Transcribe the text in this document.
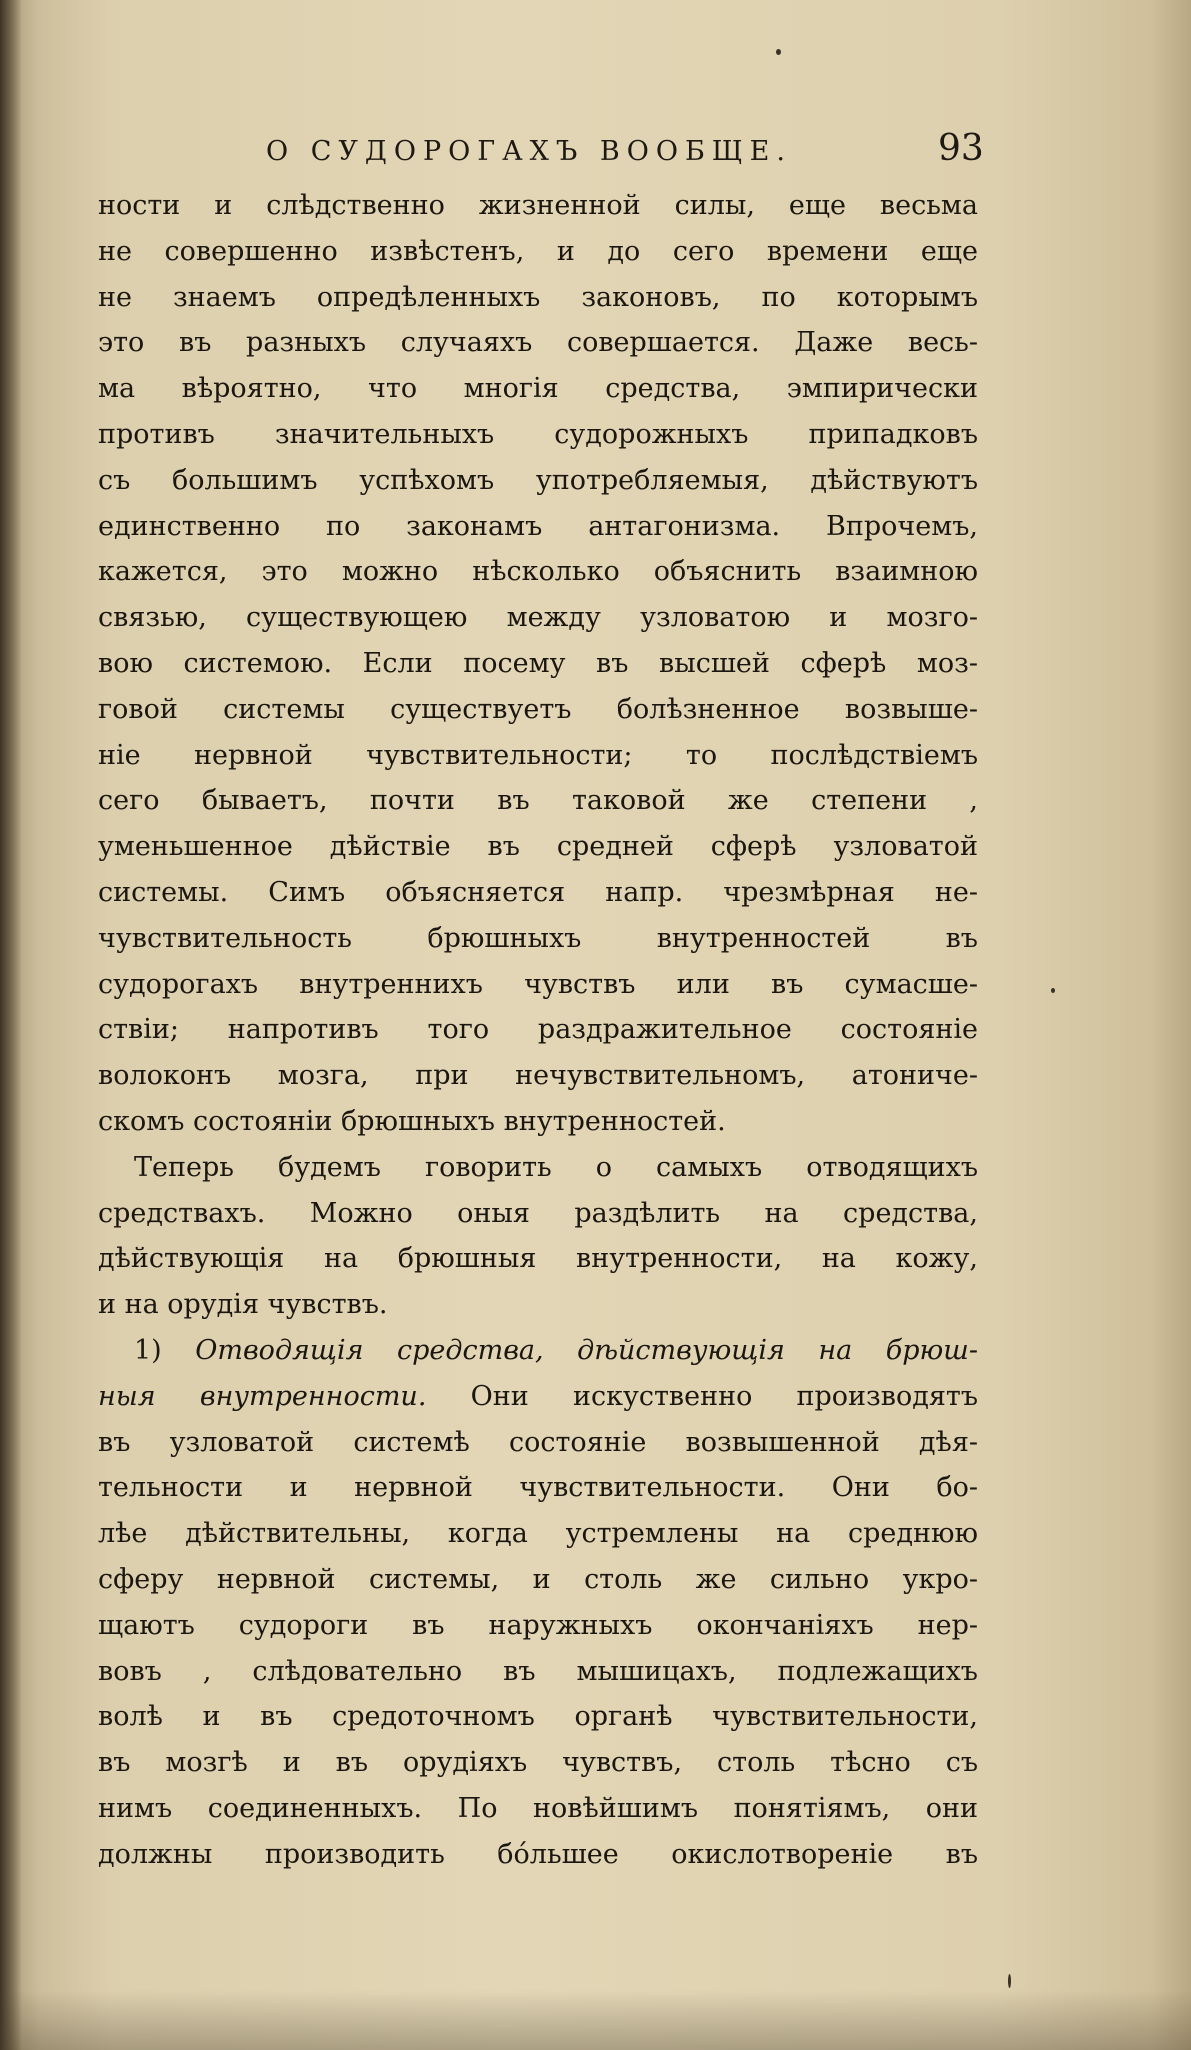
О СУДОРОГАХЪ ВООБЩЕ.	93
ности и слѣдственно жизненной силы, еще весьма
не совершенно извѣстенъ, и до сего времени еще
не знаемъ опредѣленныхъ законовъ, по которымъ
это въ разныхъ случаяхъ совершается. Даже весь-
ма вѣроятно, что многія средства, эмпирически
противъ значительныхъ судорожныхъ припадковъ
съ большимъ успѣхомъ употребляемыя, дѣйствуютъ
единственно по законамъ антагонизма. Впрочемъ,
кажется, это можно нѣсколько объяснить взаимною
связью, существующею между узловатою и мозго-
вою системою. Если посему въ высшей сферѣ моз-
говой системы существуетъ болѣзненное возвыше-
ніе нервной чувствительности; то послѣдствіемъ
сего бываетъ, почти въ таковой же степени ,
уменьшенное дѣйствіе въ средней сферѣ узловатой
системы. Симъ объясняется напр. чрезмѣрная не-
чувствительность брюшныхъ внутренностей въ
судорогахъ внутреннихъ чувствъ или въ сумасше-
ствіи; напротивъ того раздражительное состояніе
волоконъ мозга, при нечувствительномъ, атониче-
скомъ состояніи брюшныхъ внутренностей.
Теперь будемъ говорить о самыхъ отводящихъ
средствахъ. Можно оныя раздѣлить на средства,
дѣйствующія на брюшныя внутренности, на кожу,
и на орудія чувствъ.
1) Отводящія средства, дѣйствующія на брюш-
ныя внутренности. Они искуственно производятъ
въ узловатой системѣ состояніе возвышенной дѣя-
тельности и нервной чувствительности. Они бо-
лѣе дѣйствительны, когда устремлены на среднюю
сферу нервной системы, и столь же сильно укро-
щаютъ судороги въ наружныхъ окончаніяхъ нер-
вовъ , слѣдовательно въ мышицахъ, подлежащихъ
волѣ и въ средоточномъ органѣ чувствительности,
въ мозгѣ и въ орудіяхъ чувствъ, столь тѣсно съ
нимъ соединенныхъ. По новѣйшимъ понятіямъ, они
должны производить бóльшее окислотвореніе въ
